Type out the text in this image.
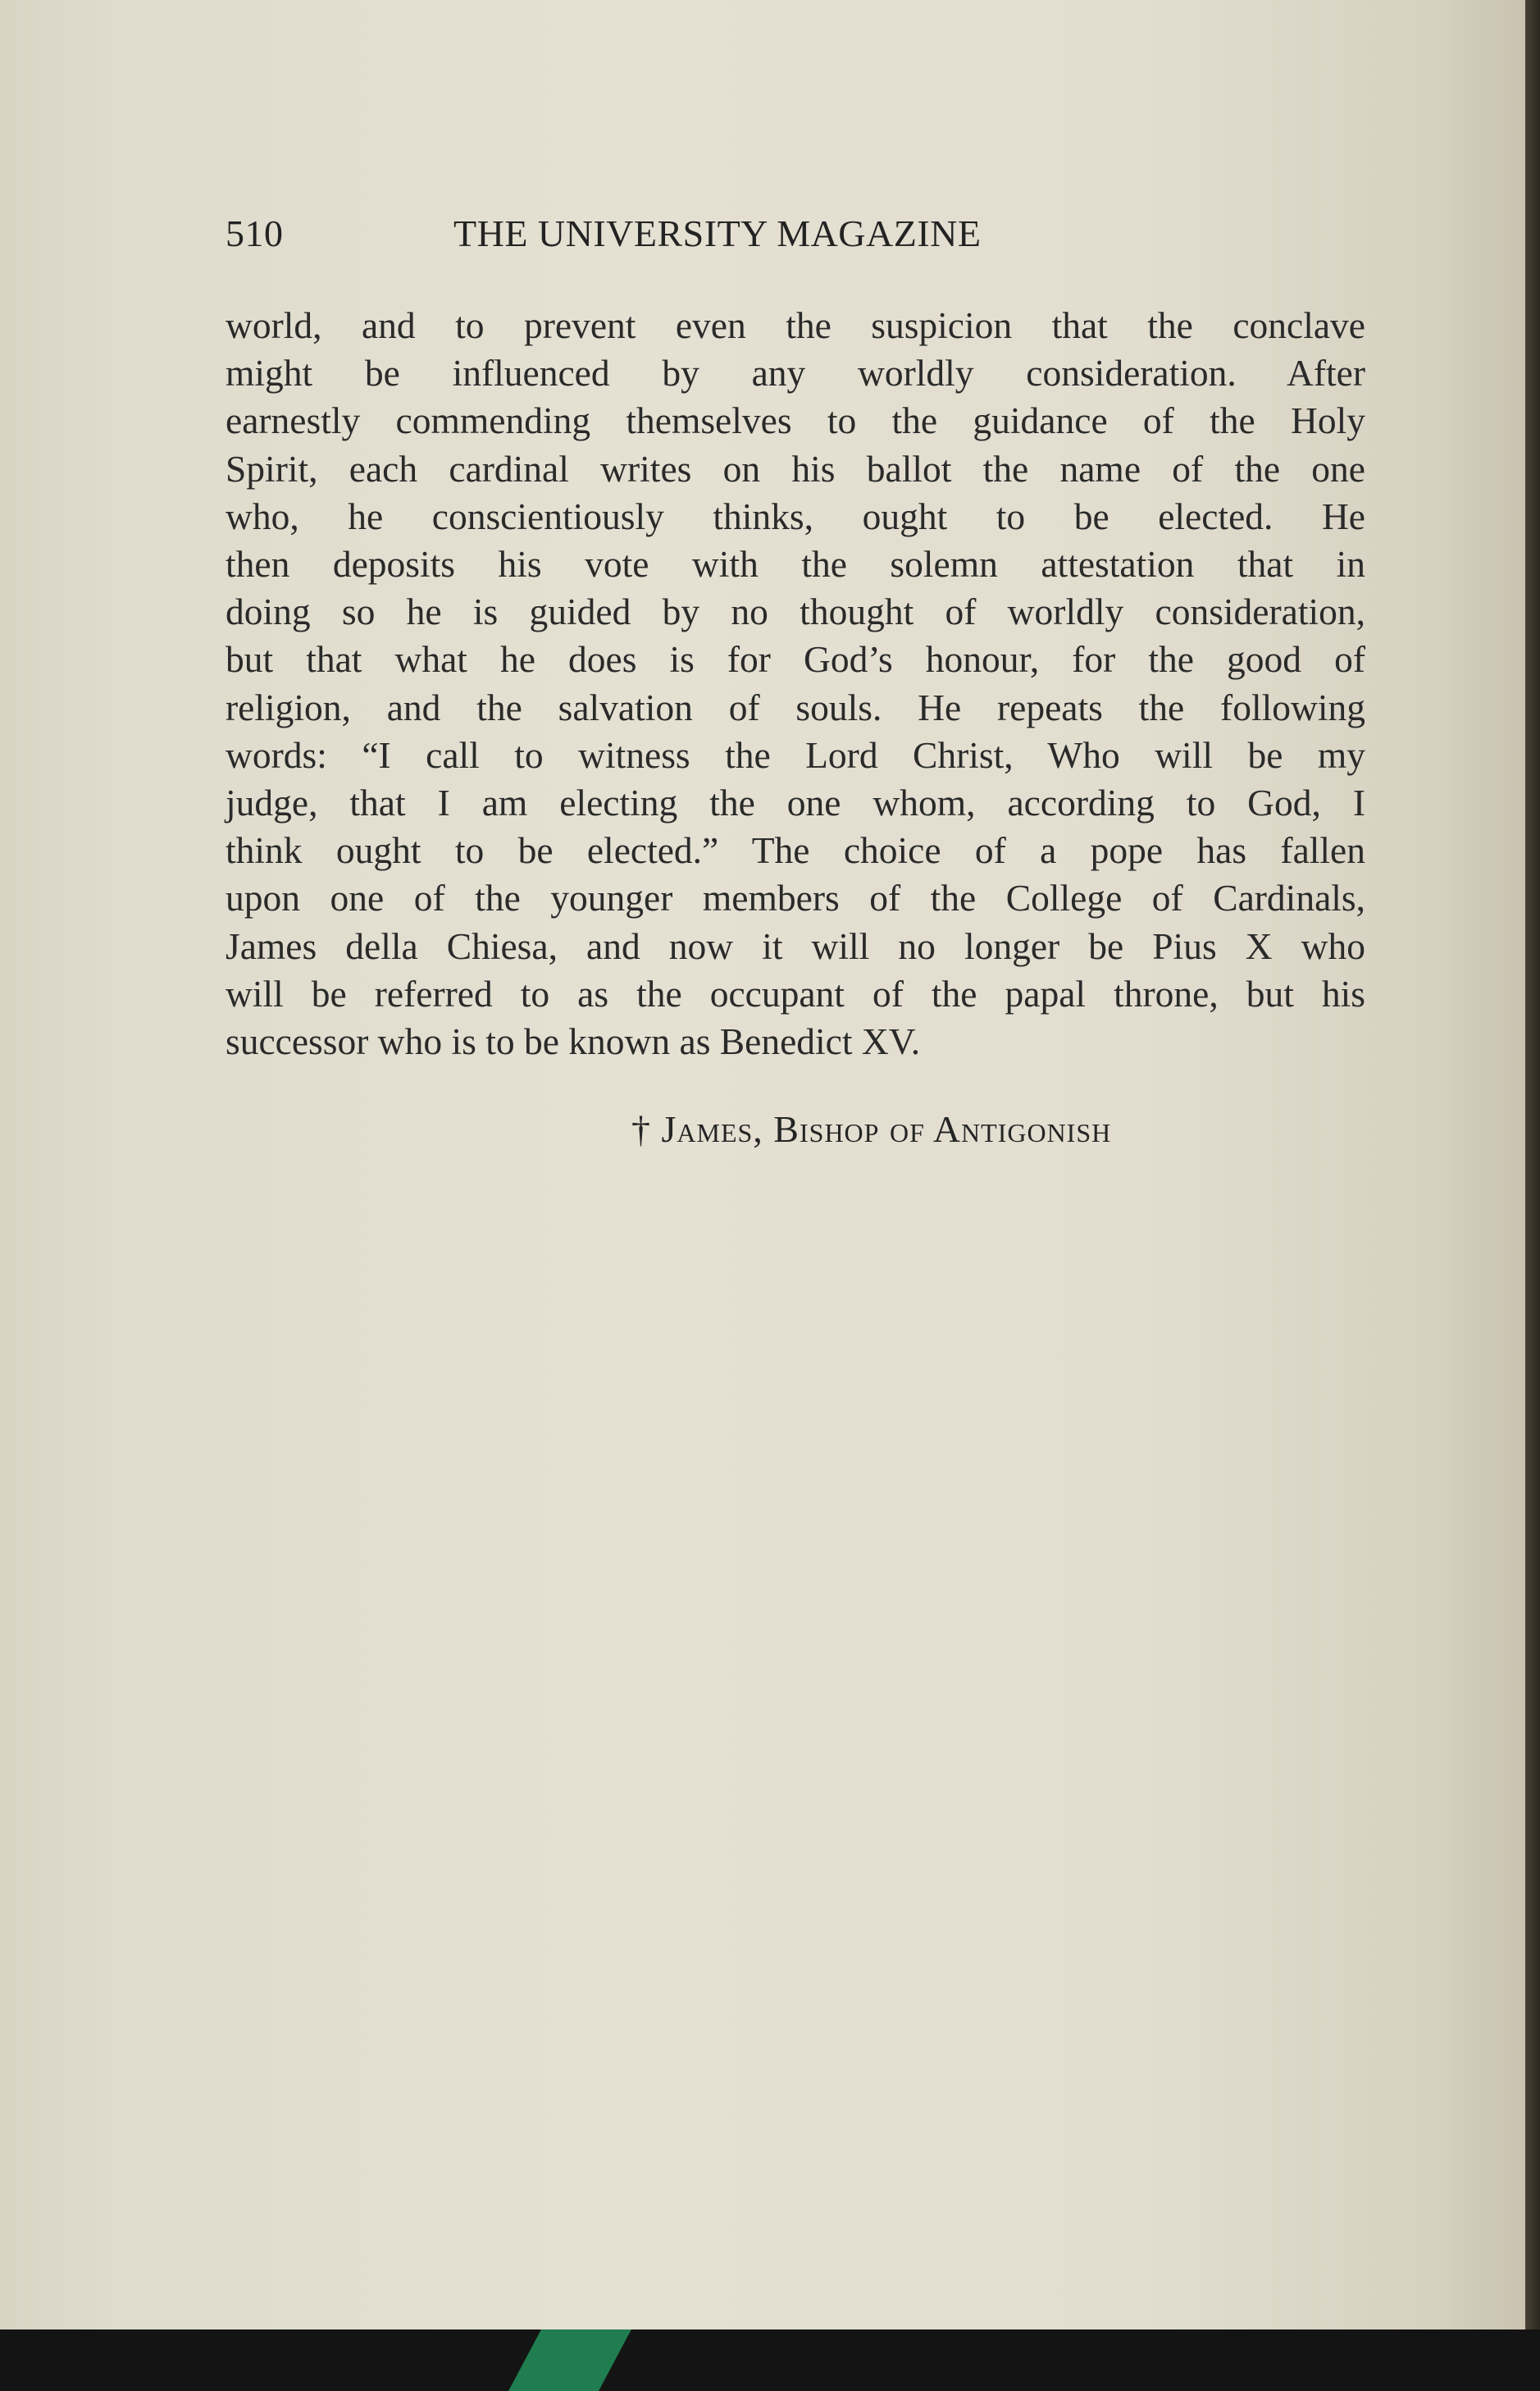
510	THE UNIVERSITY MAGAZINE
world, and to prevent even the suspicion that the conclave
might be influenced by any worldly consideration. After
earnestly commending themselves to the guidance of the Holy
Spirit, each cardinal writes on his ballot the name of the one
who, he conscientiously thinks, ought to be elected. He
then deposits his vote with the solemn attestation that in
doing so he is guided by no thought of worldly consideration,
but that what he does is for God’s honour, for the good of
religion, and the salvation of souls. He repeats the following
words: “I call to witness the Lord Christ, Who will be my
judge, that I am electing the one whom, according to God, I
think ought to be elected.” The choice of a pope has fallen
upon one of the younger members of the College of Cardinals,
James della Chiesa, and now it will no longer be Pius X who
will be referred to as the occupant of the papal throne, but his
successor who is to be known as Benedict XV.
† James, Bishop of Antigonish
